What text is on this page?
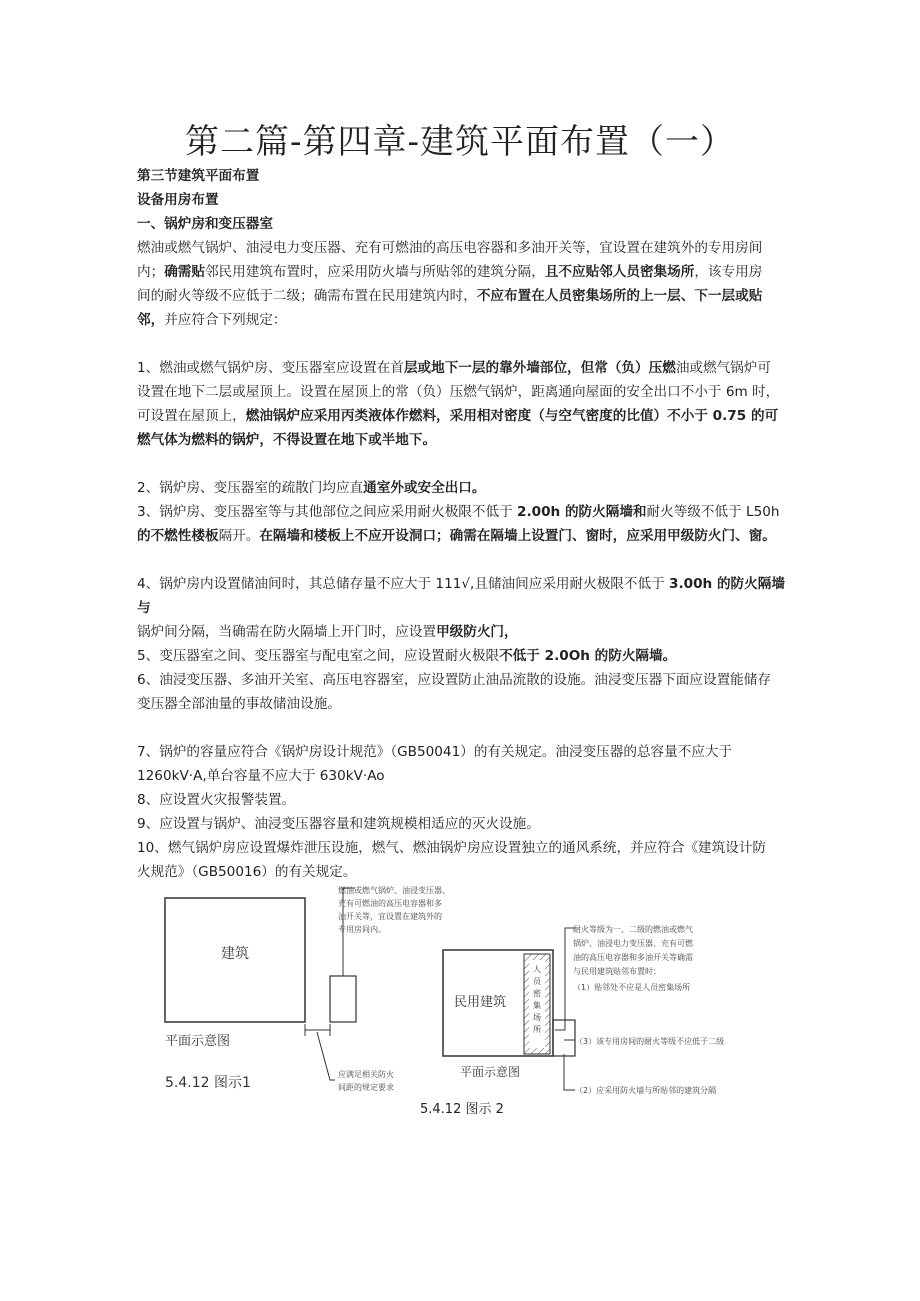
第二篇-第四章-建筑平面布置（一）

第三节建筑平面布置

设备用房布置

一、锅炉房和变压器室

燃油或燃气锅炉、油浸电力变压器、充有可燃油的高压电容器和多油开关等，宜设置在建筑外的专用房间

内；确需贴邻民用建筑布置时，应采用防火墙与所贴邻的建筑分隔，且不应贴邻人员密集场所，该专用房

间的耐火等级不应低于二级；确需布置在民用建筑内时，不应布置在人员密集场所的上一层、下一层或贴

邻，并应符合下列规定：

1、燃油或燃气锅炉房、变压器室应设置在首层或地下一层的靠外墙部位，但常（负）压燃油或燃气锅炉可

设置在地下二层或屋顶上。设置在屋顶上的常（负）压燃气锅炉，距离通向屋面的安全出口不小于 6m 时，

可设置在屋顶上，燃油锅炉应采用丙类液体作燃料，采用相对密度（与空气密度的比值）不小于 0.75 的可

燃气体为燃料的锅炉，不得设置在地下或半地下。

2、锅炉房、变压器室的疏散门均应直通室外或安全出口。

3、锅炉房、变压器室等与其他部位之间应采用耐火极限不低于 2.00h 的防火隔墙和耐火等级不低于 L50h

的不燃性楼板隔开。在隔墙和楼板上不应开设洞口；确需在隔墙上设置门、窗时，应采用甲级防火门、窗。

4、锅炉房内设置储油间时，其总储存量不应大于 111√,且储油间应采用耐火极限不低于 3.00h 的防火隔墙与

锅炉间分隔，当确需在防火隔墙上开门时，应设置甲级防火门，

5、变压器室之间、变压器室与配电室之间，应设置耐火极限不低于 2.0Oh 的防火隔墙。

6、油浸变压器、多油开关室、高压电容器室，应设置防止油品流散的设施。油浸变压器下面应设置能储存

变压器全部油量的事故储油设施。

7、锅炉的容量应符合《锅炉房设计规范》（GB50041）的有关规定。油浸变压器的总容量不应大于

1260kV·A,单台容量不应大于 630kV·Ao

8、应设置火灾报警装置。

9、应设置与锅炉、油浸变压器容量和建筑规模相适应的灭火设施。

10、燃气锅炉房应设置爆炸泄压设施，燃气、燃油锅炉房应设置独立的通风系统，并应符合《建筑设计防

火规范》（GB50016）的有关规定。

建筑
平面示意图
5.4.12 图示1
燃油或燃气锅炉、油浸变压器、
充有可燃油的高压电容器和多
油开关等，宜设置在建筑外的
专用房间内。
应满足相关防火
间距的规定要求
民用建筑
人
员
密
集
场
所
平面示意图
耐火等级为一、二级的燃油或燃气
锅炉、油浸电力变压器、充有可燃
油的高压电容器和多油开关等确需
与民用建筑贴邻布置时：
（1）贴邻处不应是人员密集场所
（3）该专用房间的耐火等级不应低于二级
（2）应采用防火墙与所贴邻的建筑分隔
5.4.12 图示 2
